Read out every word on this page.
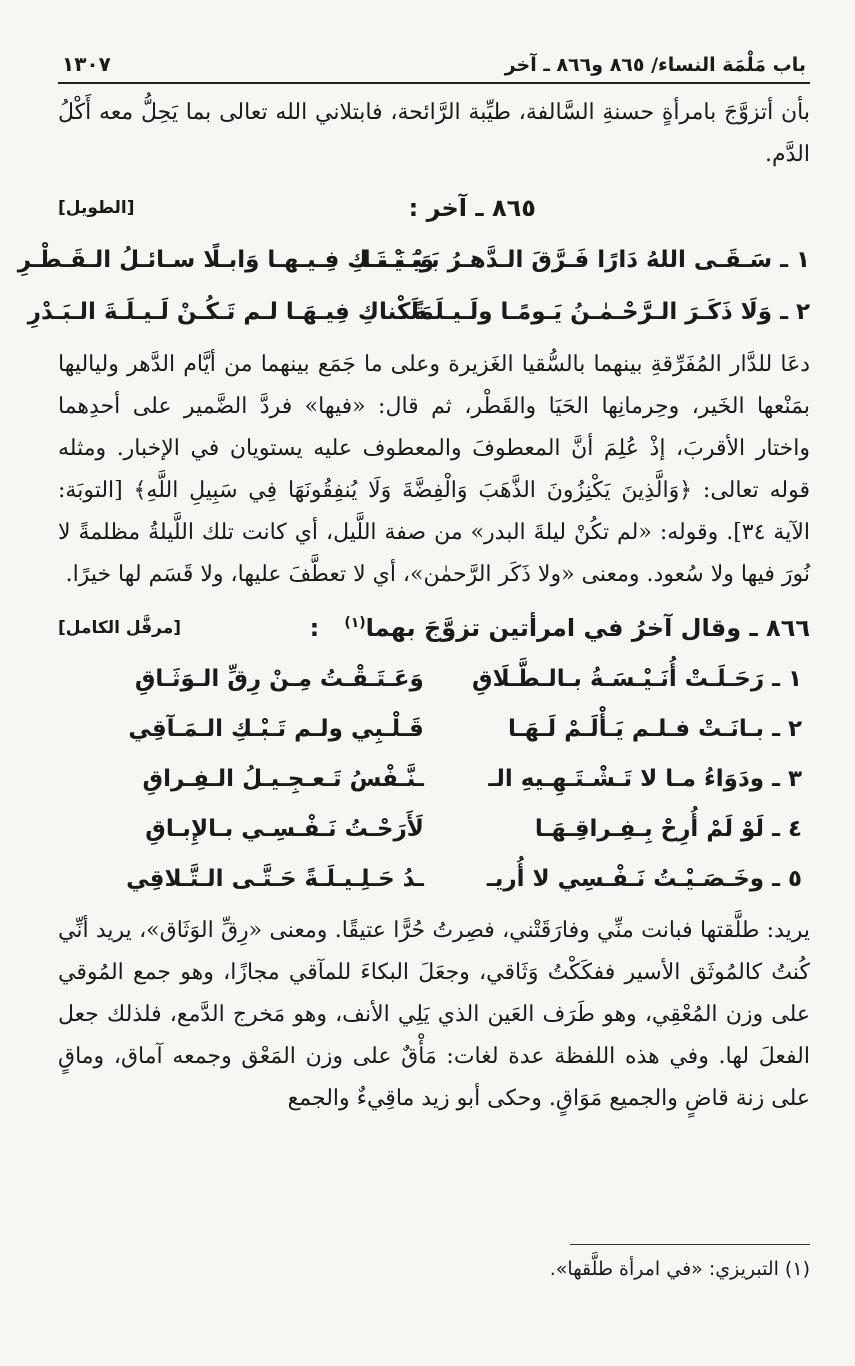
باب مَلْمَة النساء/ ٨٦٥ و٨٦٦ ـ آخر
١٣٠٧

بأن أتزوَّجَ بامرأةٍ حسنةِ السَّالفة، طيِّبة الرَّائحة، فابتلاني الله تعالى بما يَحِلُّ معه أَكْلُ الدَّم.

٨٦٥ ـ آخر :
[الطويل]
١ ـ سَـقَـى اللهُ دَارًا فَـرَّقَ الـدَّهـرُ بَـيْـنَـنـا
وَبَـيْـنَـكِ فِـيـهـا وَابـلًا سـائـلُ الـقَـطْـرِ
٢ ـ وَلَا ذَكَـرَ الـرَّحْـمٰـنُ يَـومًـا ولَـيـلَـةً
مَلَكْناكِ فِيـهَـا لـم تَـكُـنْ لَـيـلَـةَ الـبَـدْرِ

دعَا للدَّار المُفَرِّقةِ بينهما بالسُّقيا الغَزيرة وعلى ما جَمَع بينهما من أيَّام الدَّهر ولياليها بمَنْعها الخَير، وحِرمانِها الحَيَا والقَطْر، ثم قال: «فيها» فردَّ الضَّمير على أحدِهما واختار الأقربَ، إذْ عُلِمَ أنَّ المعطوفَ والمعطوف عليه يستويان في الإخبار. ومثله قوله تعالى: ﴿وَالَّذِينَ يَكْنِزُونَ الذَّهَبَ وَالْفِضَّةَ وَلَا يُنفِقُونَهَا فِي سَبِيلِ اللَّهِ﴾ [التوبَة: الآية ٣٤]. وقوله: «لم تكُنْ ليلةَ البدر» من صفة اللَّيل، أي كانت تلك اللَّيلةُ مظلمةً لا نُورَ فيها ولا سُعود. ومعنى «ولا ذَكَر الرَّحمٰن»، أي لا تعطَّفَ عليها، ولا قَسَم لها خيرًا.

٨٦٦ ـ وقال آخرُ في امرأتين تزوَّجَ بهما$^{(١)}$   :
[مرفَّل الكامل]
١ ـ رَحَـلَـتْ أُنَـيْـسَـةُ بـالـطَّـلَاقِ
وَعَـتَـقْـتُ مِـنْ رِقِّ الـوَثَـاقِ
٢ ـ بـانَـتْ فـلـم يَـأْلَـمْ لَـهَـا
قَـلْـبِي ولـم تَـبْـكِ الـمَـآقِي
٣ ـ ودَوَاءُ مـا لا تَـشْـتَـهِـيهِ الـ
ـنَّـفْسُ تَـعـجِـيـلُ الـفِـراقِ
٤ ـ لَوْ لَمْ أُرِحْ بِـفِـراقِـهَـا
لَأَرَحْـتُ نَـفْـسِـي بـالإِبـاقِ
٥ ـ وخَـصَـيْـتُ نَـفْـسِي لا أُريـ
ـدُ حَـلِـيـلَـةً حَـتَّـى الـتَّـلاقِي

يريد: طلَّقتها فبانت منِّي وفارَقَتْني، فصِرتُ حُرًّا عتيقًا. ومعنى «رِقِّ الوَثَاق»، يريد أنِّي كُنتُ كالمُوثَق الأسير ففكَكْتُ وَثَاقي، وجعَلَ البكاءَ للمآقي مجازًا، وهو جمع المُوقي على وزن المُعْقِي، وهو طَرَف العَين الذي يَلِي الأنف، وهو مَخرج الدَّمع، فلذلك جعل الفعلَ لها. وفي هذه اللفظة عدة لغات: مَأْقٌ على وزن المَعْق وجمعه آماق، وماقٍ على زنة قاضٍ والجميع مَوَاقٍ. وحكى أبو زيد ماقِيءٌ والجمع

(١) التبريزي: «في امرأة طلَّقها».
